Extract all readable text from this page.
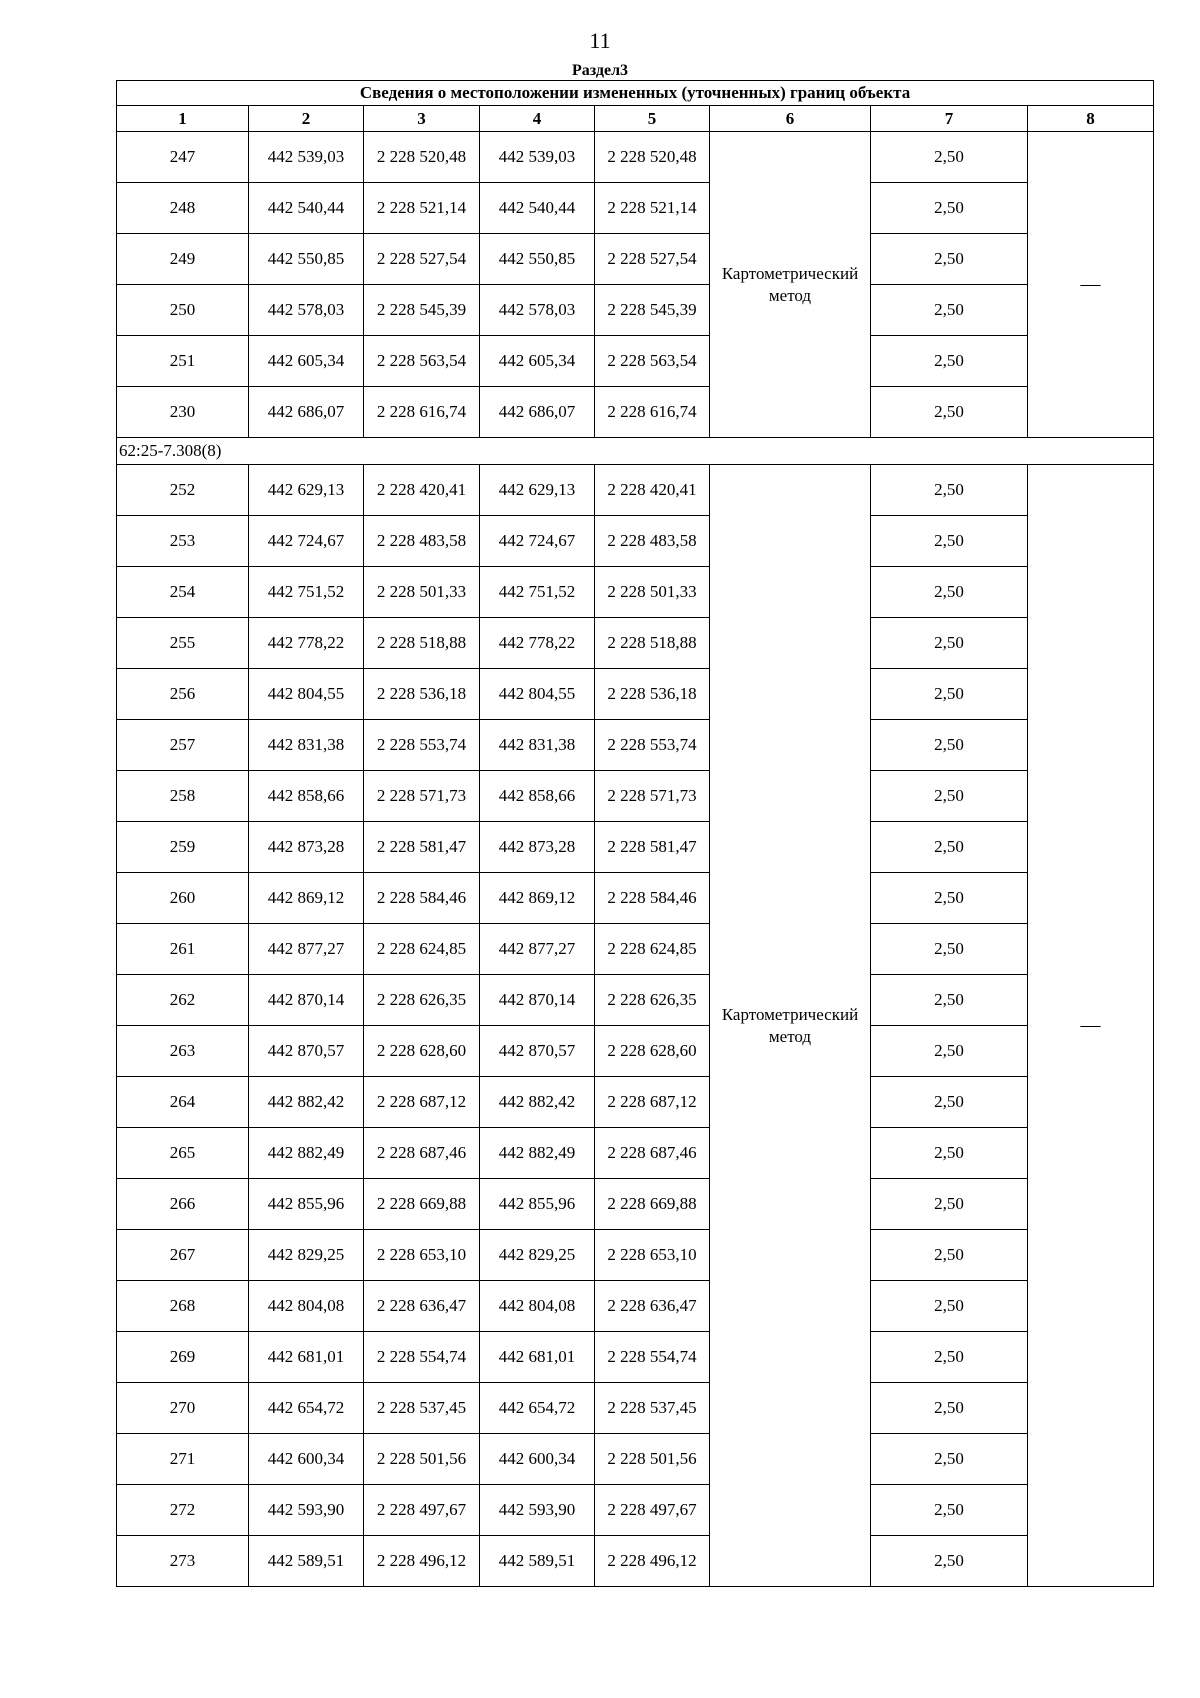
11
Раздел3
Сведения о местоположении измененных (уточненных) границ объекта							
1	2	3	4	5	6	7	8
247	442 539,03	2 228 520,48	442 539,03	2 228 520,48	Картометрический метод	2,50	—
248	442 540,44	2 228 521,14	442 540,44	2 228 521,14		2,50	
249	442 550,85	2 228 527,54	442 550,85	2 228 527,54		2,50	
250	442 578,03	2 228 545,39	442 578,03	2 228 545,39		2,50	
251	442 605,34	2 228 563,54	442 605,34	2 228 563,54		2,50	
230	442 686,07	2 228 616,74	442 686,07	2 228 616,74		2,50	
62:25-7.308(8)							
252	442 629,13	2 228 420,41	442 629,13	2 228 420,41	Картометрический метод	2,50	—
253	442 724,67	2 228 483,58	442 724,67	2 228 483,58		2,50	
254	442 751,52	2 228 501,33	442 751,52	2 228 501,33		2,50	
255	442 778,22	2 228 518,88	442 778,22	2 228 518,88		2,50	
256	442 804,55	2 228 536,18	442 804,55	2 228 536,18		2,50	
257	442 831,38	2 228 553,74	442 831,38	2 228 553,74		2,50	
258	442 858,66	2 228 571,73	442 858,66	2 228 571,73		2,50	
259	442 873,28	2 228 581,47	442 873,28	2 228 581,47		2,50	
260	442 869,12	2 228 584,46	442 869,12	2 228 584,46		2,50	
261	442 877,27	2 228 624,85	442 877,27	2 228 624,85		2,50	
262	442 870,14	2 228 626,35	442 870,14	2 228 626,35		2,50	
263	442 870,57	2 228 628,60	442 870,57	2 228 628,60		2,50	
264	442 882,42	2 228 687,12	442 882,42	2 228 687,12		2,50	
265	442 882,49	2 228 687,46	442 882,49	2 228 687,46		2,50	
266	442 855,96	2 228 669,88	442 855,96	2 228 669,88		2,50	
267	442 829,25	2 228 653,10	442 829,25	2 228 653,10		2,50	
268	442 804,08	2 228 636,47	442 804,08	2 228 636,47		2,50	
269	442 681,01	2 228 554,74	442 681,01	2 228 554,74		2,50	
270	442 654,72	2 228 537,45	442 654,72	2 228 537,45		2,50	
271	442 600,34	2 228 501,56	442 600,34	2 228 501,56		2,50	
272	442 593,90	2 228 497,67	442 593,90	2 228 497,67		2,50	
273	442 589,51	2 228 496,12	442 589,51	2 228 496,12		2,50	
